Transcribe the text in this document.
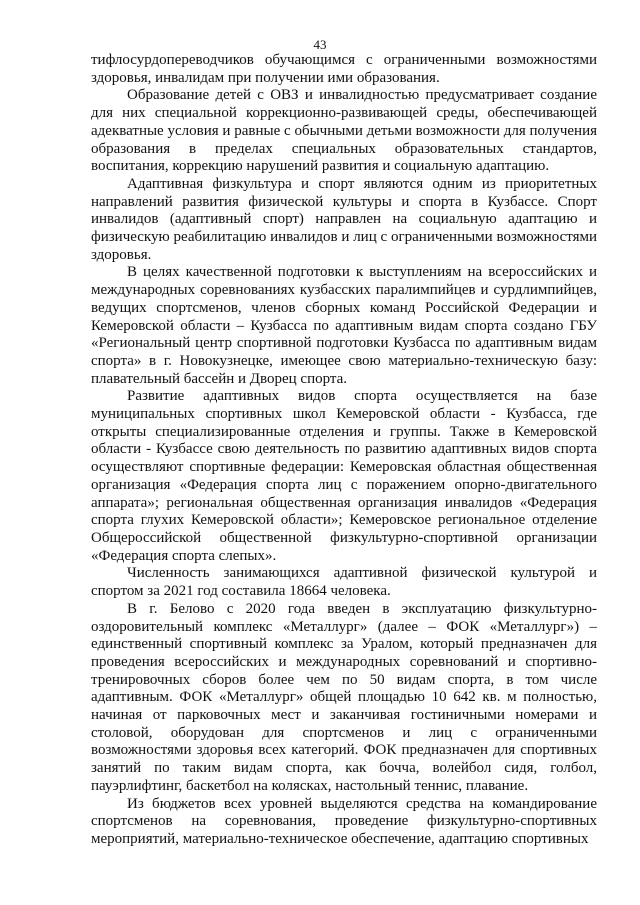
43

тифлосурдопереводчиков обучающимся с ограниченными возможностями здоровья, инвалидам при получении ими образования.

Образование детей с ОВЗ и инвалидностью предусматривает создание для них специальной коррекционно-развивающей среды, обеспечивающей адекватные условия и равные с обычными детьми возможности для получения образования в пределах специальных образовательных стандартов, воспитания, коррекцию нарушений развития и социальную адаптацию.

Адаптивная физкультура и спорт являются одним из приоритетных направлений развития физической культуры и спорта в Кузбассе. Спорт инвалидов (адаптивный спорт) направлен на социальную адаптацию и физическую реабилитацию инвалидов и лиц с ограниченными возможностями здоровья.

В целях качественной подготовки к выступлениям на всероссийских и международных соревнованиях кузбасских паралимпийцев и сурдлимпийцев, ведущих спортсменов, членов сборных команд Российской Федерации и Кемеровской области – Кузбасса по адаптивным видам спорта создано ГБУ «Региональный центр спортивной подготовки Кузбасса по адаптивным видам спорта» в г. Новокузнецке, имеющее свою материально-техническую базу: плавательный бассейн и Дворец спорта.

Развитие адаптивных видов спорта осуществляется на базе муниципальных спортивных школ Кемеровской области - Кузбасса, где открыты специализированные отделения и группы. Также в Кемеровской области - Кузбассе свою деятельность по развитию адаптивных видов спорта осуществляют спортивные федерации: Кемеровская областная общественная организация «Федерация спорта лиц с поражением опорно-двигательного аппарата»; региональная общественная организация инвалидов «Федерация спорта глухих Кемеровской области»; Кемеровское региональное отделение Общероссийской общественной физкультурно-спортивной организации «Федерация спорта слепых».

Численность занимающихся адаптивной физической культурой и спортом за 2021 год составила 18664 человека.

В г. Белово с 2020 года введен в эксплуатацию физкультурно-оздоровительный комплекс «Металлург» (далее – ФОК «Металлург») – единственный спортивный комплекс за Уралом, который предназначен для проведения всероссийских и международных соревнований и спортивно-тренировочных сборов более чем по 50 видам спорта, в том числе адаптивным. ФОК «Металлург» общей площадью 10 642 кв. м полностью, начиная от парковочных мест и заканчивая гостиничными номерами и столовой, оборудован для спортсменов и лиц с ограниченными возможностями здоровья всех категорий. ФОК предназначен для спортивных занятий по таким видам спорта, как бочча, волейбол сидя, голбол, пауэрлифтинг, баскетбол на колясках, настольный теннис, плавание.

Из бюджетов всех уровней выделяются средства на командирование спортсменов на соревнования, проведение физкультурно-спортивных мероприятий, материально-техническое обеспечение, адаптацию спортивных
